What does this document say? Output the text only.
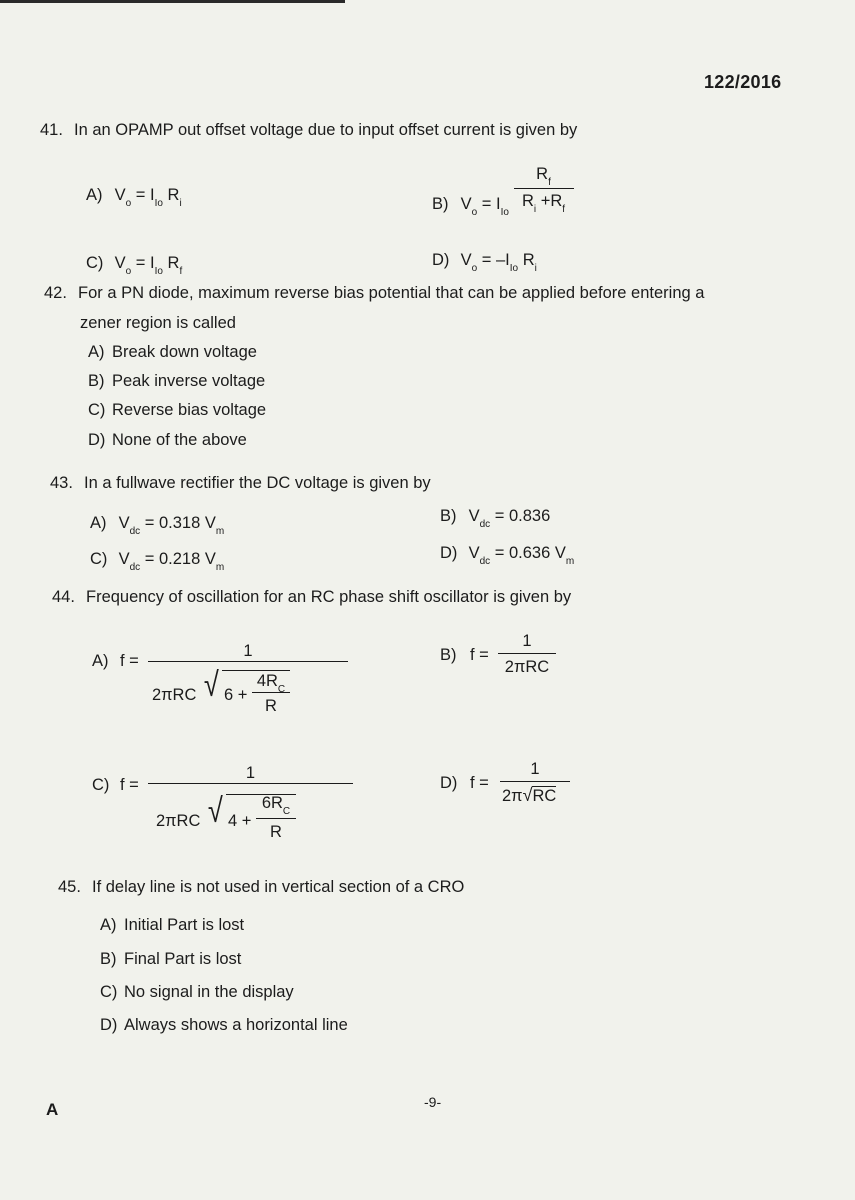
122/2016
41. In an OPAMP out offset voltage due to input offset current is given by
A) $V_o = I_{Io}$ $R_i$	B) $V_o = I_{Io} \frac{R_f}{R_i +R_f}$
C) $V_o = I_{Io}$ $R_f$
D) $V_o = -I_{Io}$ $R_i$
42. For a PN diode, maximum reverse bias potential that can be applied before entering a
zener region is called
A) Break down voltage
B) Peak inverse voltage
C) Reverse bias voltage
D) None of the above
43. In a fullwave rectifier the DC voltage is given by
A) $V_{dc} = 0.318$ $V_m$
B) $V_{dc} = 0.836$
C) $V_{dc} = 0.218$ $V_m$
D) $V_{dc} = 0.636$ $V_m$
44. Frequency of oscillation for an RC phase shift oscillator is given by
A) f =
1
2πRC √ 6 +
$4R_C$
R
B) f =
1
2πRC
C) f =
1
2πRC √ 4 +
$6R_C$
R
D) f =
1
2π√RC
45. If delay line is not used in vertical section of a CRO
A) Initial Part is lost
B) Final Part is lost
C) No signal in the display
D) Always shows a horizontal line
A	-9-
